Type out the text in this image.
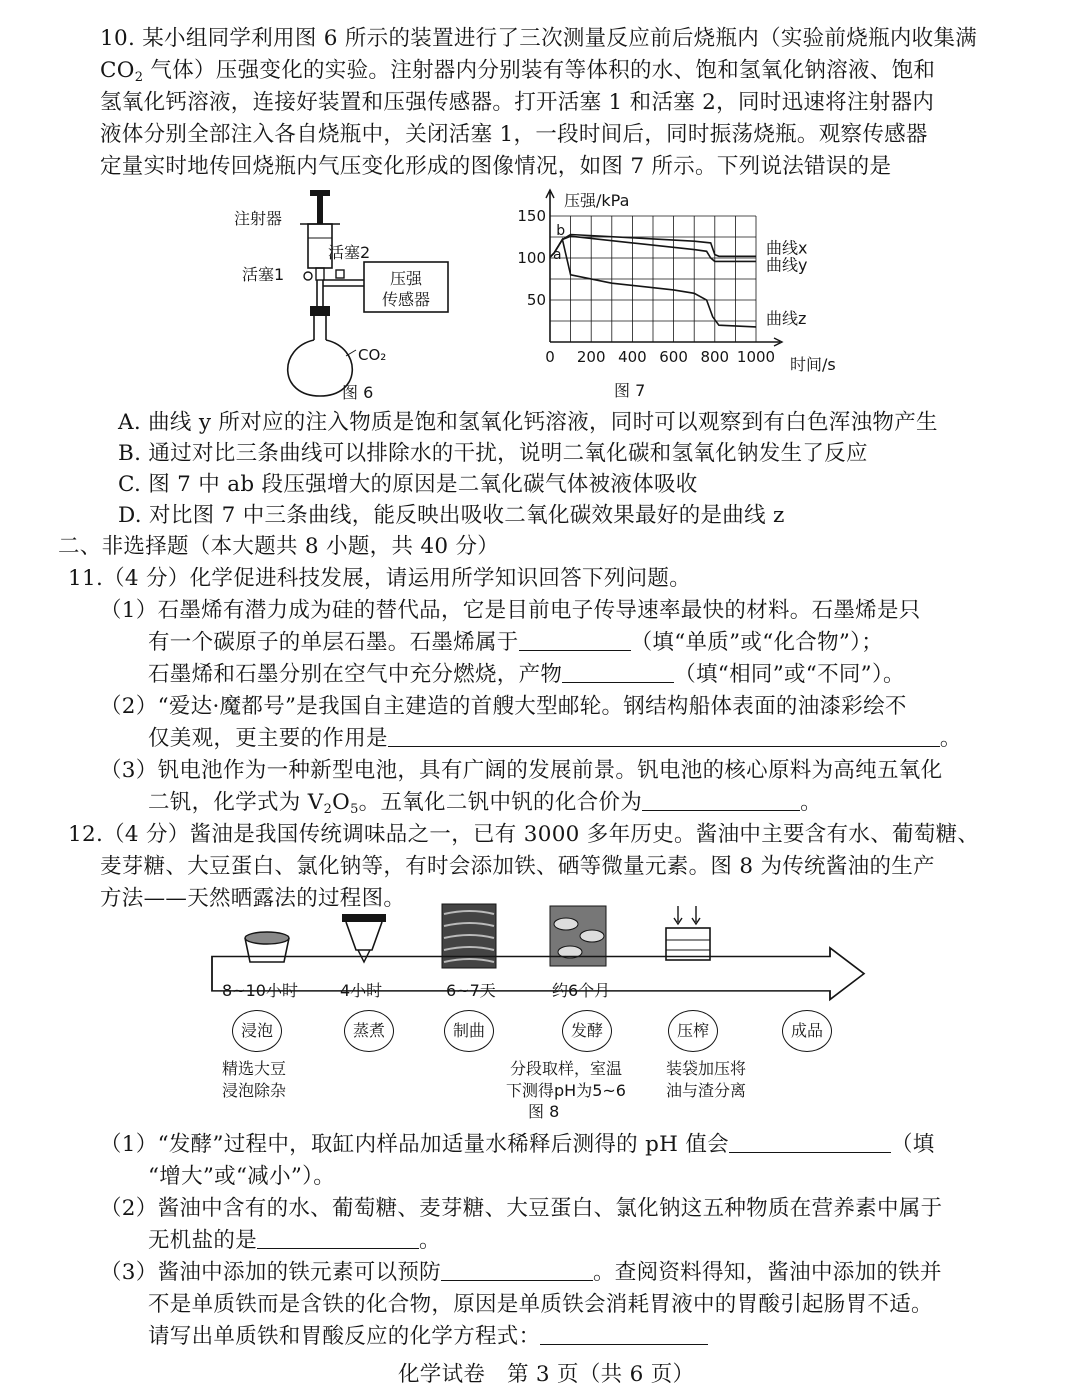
10. 某小组同学利用图 6 所示的装置进行了三次测量反应前后烧瓶内（实验前烧瓶内收集满
$CO_2$ 气体）压强变化的实验。注射器内分别装有等体积的水、饱和氢氧化钠溶液、饱和
氢氧化钙溶液，连接好装置和压强传感器。打开活塞 1 和活塞 2，同时迅速将注射器内
液体分别全部注入各自烧瓶中，关闭活塞 1，一段时间后，同时振荡烧瓶。观察传感器
定量实时地传回烧瓶内气压变化形成的图像情况，如图 7 所示。下列说法错误的是
压强
传感器
CO₂
注射器
活塞2
活塞1
图 6
0 200 400 600 800 1000
50
100
150
曲线x
曲线y
曲线z
a
b
压强/kPa
时间/s
图 7
A. 曲线 y 所对应的注入物质是饱和氢氧化钙溶液，同时可以观察到有白色浑浊物产生
B. 通过对比三条曲线可以排除水的干扰，说明二氧化碳和氢氧化钠发生了反应
C. 图 7 中 ab 段压强增大的原因是二氧化碳气体被液体吸收
D. 对比图 7 中三条曲线，能反映出吸收二氧化碳效果最好的是曲线 z
二、非选择题（本大题共 8 小题，共 40 分）
11.（4 分）化学促进科技发展，请运用所学知识回答下列问题。
（1）石墨烯有潜力成为硅的替代品，它是目前电子传导速率最快的材料。石墨烯是只
有一个碳原子的单层石墨。石墨烯属于	（填“单质”或“化合物”）；
石墨烯和石墨分别在空气中充分燃烧，产物	（填“相同”或“不同”）。
（2）“爱达·魔都号”是我国自主建造的首艘大型邮轮。钢结构船体表面的油漆彩绘不
仅美观，更主要的作用是	。
（3）钒电池作为一种新型电池，具有广阔的发展前景。钒电池的核心原料为高纯五氧化
二钒，化学式为 $V_2O_5$。五氧化二钒中钒的化合价为	。
12.（4 分）酱油是我国传统调味品之一，已有 3000 多年历史。酱油中主要含有水、葡萄糖、
麦芽糖、大豆蛋白、氯化钠等，有时会添加铁、硒等微量元素。图 8 为传统酱油的生产
方法——天然晒露法的过程图。
8~10小时	4小时	6~7天	约6个月
浸泡	蒸煮	制曲	发酵	压榨	成品
精选大豆
浸泡除杂
分段取样，室温
下测得pH为5~6
装袋加压将
油与渣分离
图 8
（1）“发酵”过程中，取缸内样品加适量水稀释后测得的 pH 值会	（填
“增大”或“减小”）。
（2）酱油中含有的水、葡萄糖、麦芽糖、大豆蛋白、氯化钠这五种物质在营养素中属于
无机盐的是	。
（3）酱油中添加的铁元素可以预防	。查阅资料得知，酱油中添加的铁并
不是单质铁而是含铁的化合物，原因是单质铁会消耗胃液中的胃酸引起肠胃不适。
请写出单质铁和胃酸反应的化学方程式：
化学试卷　第 3 页（共 6 页）
